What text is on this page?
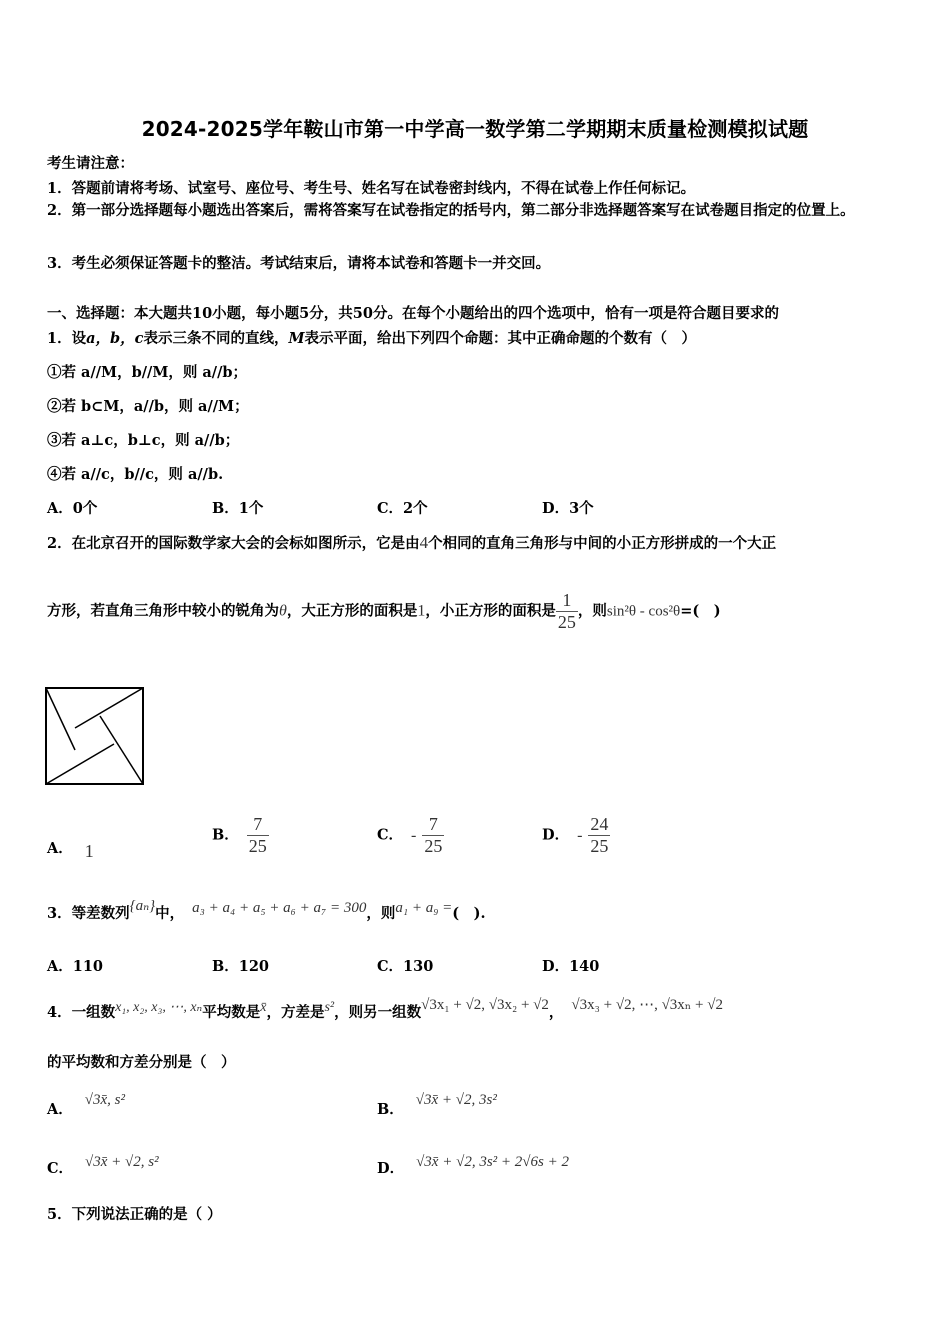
2024-2025学年鞍山市第一中学高一数学第二学期期末质量检测模拟试题
考生请注意：
1．答题前请将考场、试室号、座位号、考生号、姓名写在试卷密封线内，不得在试卷上作任何标记。
2．第一部分选择题每小题选出答案后，需将答案写在试卷指定的括号内，第二部分非选择题答案写在试卷题目指定的位置上。
3．考生必须保证答题卡的整洁。考试结束后，请将本试卷和答题卡一并交回。
一、选择题：本大题共10小题，每小题5分，共50分。在每个小题给出的四个选项中，恰有一项是符合题目要求的
1．设a，b，c表示三条不同的直线，M表示平面，给出下列四个命题：其中正确命题的个数有（　）
①若 a//M，b//M，则 a//b；
②若 b⊂M，a//b，则 a//M；
③若 a⊥c，b⊥c，则 a//b；
④若 a//c，b//c，则 a//b.
A．0个	B．1个	C．2个	D．3个
2．在北京召开的国际数学家大会的会标如图所示，它是由4个相同的直角三角形与中间的小正方形拼成的一个大正
方形，若直角三角形中较小的锐角为θ，大正方形的面积是1，小正方形的面积是 $\frac{1}{25}$ ，则sin²θ - cos²θ=(　)
A． 1
B． $\frac{7}{25}$	C． - $\frac{7}{25}$	D． - $\frac{24}{25}$
3．等差数列{aₙ}中， a₃ + a₄ + a₅ + a₆ + a₇ = 300，则a₁ + a₉ =(　).
A．110	B．120	C．130	D．140
4．一组数x₁, x₂, x₃, ⋯, xₙ平均数是x̄，方差是s²，则另一组数√3x₁ + √2, √3x₂ + √2， √3x₃ + √2, ⋯, √3xₙ + √2
的平均数和方差分别是（　）
A．√3x̄, s²
B．√3x̄ + √2, 3s²
C． √3x̄ + √2, s²	D． √3x̄ + √2, 3s² + 2√6s + 2
5．下列说法正确的是（ ）
